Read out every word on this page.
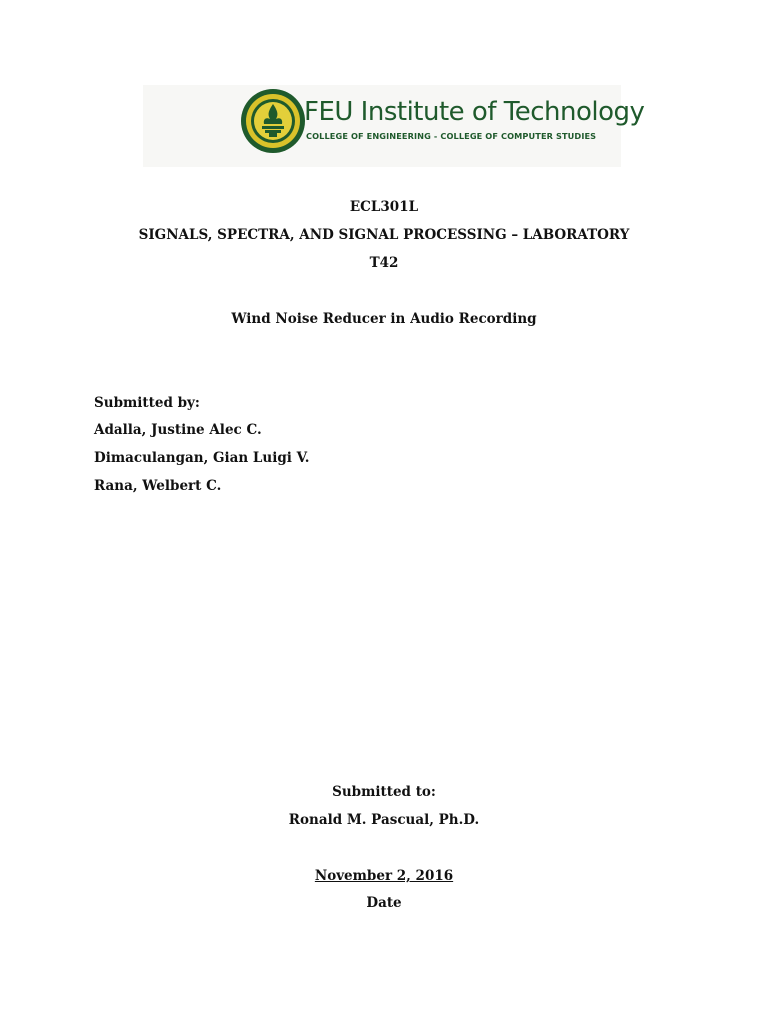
FEU Institute of Technology
COLLEGE OF ENGINEERING - COLLEGE OF COMPUTER STUDIES
ECL301L
SIGNALS, SPECTRA, AND SIGNAL PROCESSING – LABORATORY
T42
Wind Noise Reducer in Audio Recording
Submitted by:
Adalla, Justine Alec C.
Dimaculangan, Gian Luigi V.
Rana, Welbert C.
Submitted to:
Ronald M. Pascual, Ph.D.
November 2, 2016
Date
